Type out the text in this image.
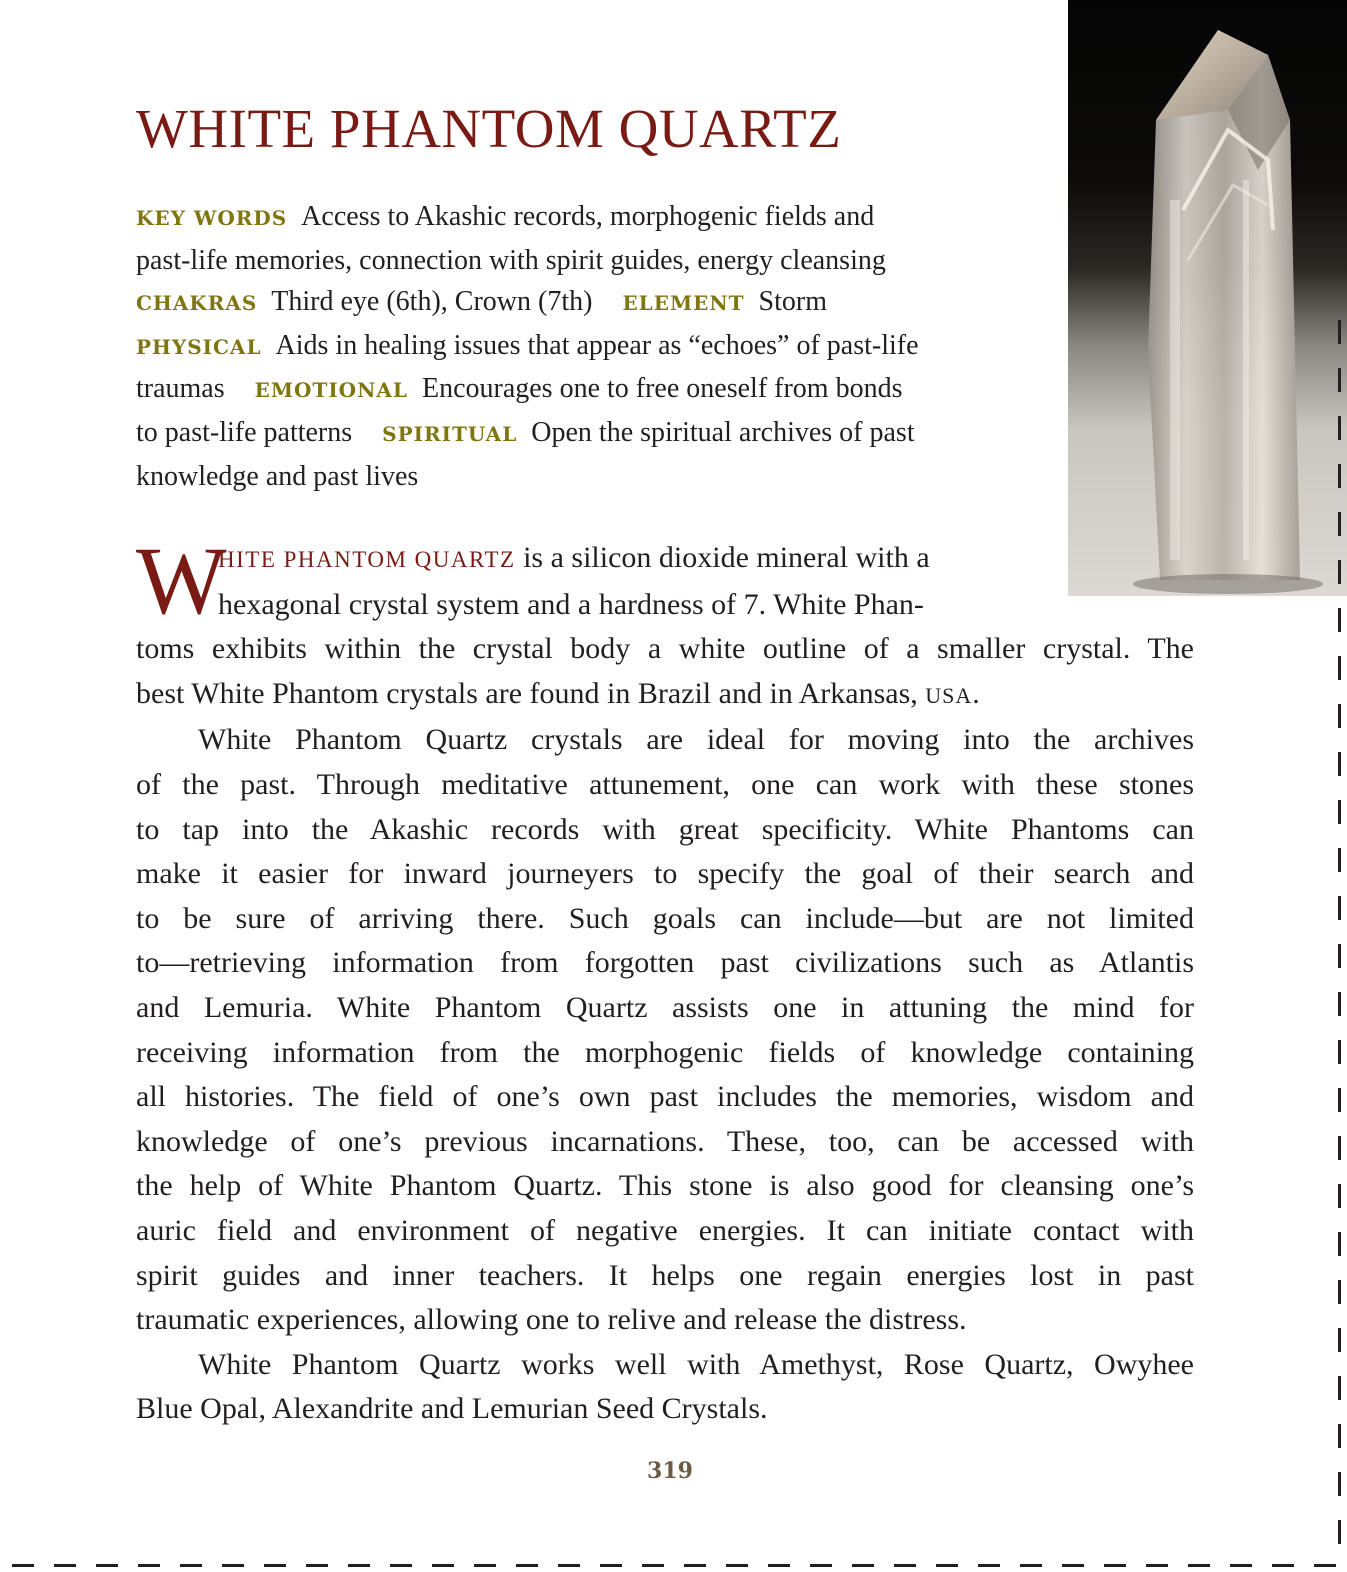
WHITE PHANTOM QUARTZ
KEY WORDS Access to Akashic records, morphogenic fields and
past-life memories, connection with spirit guides, energy cleansing
CHAKRAS Third eye (6th), Crown (7th) ELEMENT Storm
PHYSICAL Aids in healing issues that appear as “echoes” of past-life
traumas EMOTIONAL Encourages one to free oneself from bonds
to past-life patterns SPIRITUAL Open the spiritual archives of past
knowledge and past lives
W
HITE PHANTOM QUARTZ is a silicon dioxide mineral with a
hexagonal crystal system and a hardness of 7. White Phan-
toms exhibits within the crystal body a white outline of a smaller crystal. The
best White Phantom crystals are found in Brazil and in Arkansas, USA.
White Phantom Quartz crystals are ideal for moving into the archives
of the past. Through meditative attunement, one can work with these stones
to tap into the Akashic records with great specificity. White Phantoms can
make it easier for inward journeyers to specify the goal of their search and
to be sure of arriving there. Such goals can include—but are not limited
to—retrieving information from forgotten past civilizations such as Atlantis
and Lemuria. White Phantom Quartz assists one in attuning the mind for
receiving information from the morphogenic fields of knowledge containing
all histories. The field of one’s own past includes the memories, wisdom and
knowledge of one’s previous incarnations. These, too, can be accessed with
the help of White Phantom Quartz. This stone is also good for cleansing one’s
auric field and environment of negative energies. It can initiate contact with
spirit guides and inner teachers. It helps one regain energies lost in past
traumatic experiences, allowing one to relive and release the distress.
White Phantom Quartz works well with Amethyst, Rose Quartz, Owyhee
Blue Opal, Alexandrite and Lemurian Seed Crystals.
319
